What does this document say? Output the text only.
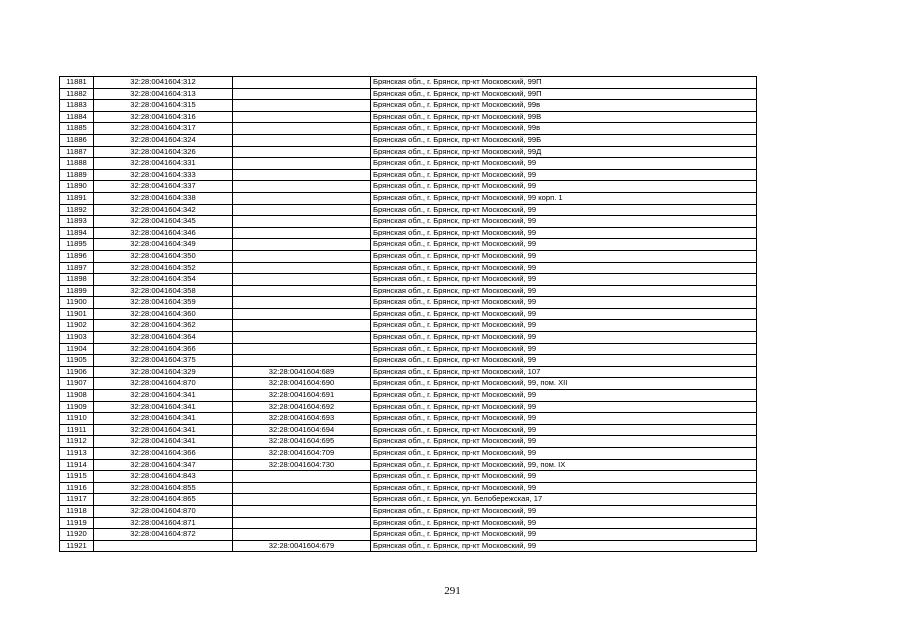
11881	32:28:0041604:312		Брянская обл., г. Брянск, пр-кт Московский, 99П
11882	32:28:0041604:313		Брянская обл., г. Брянск, пр-кт Московский, 99П
11883	32:28:0041604:315		Брянская обл., г. Брянск, пр-кт Московский, 99в
11884	32:28:0041604:316		Брянская обл., г. Брянск, пр-кт Московский, 99В
11885	32:28:0041604:317		Брянская обл., г. Брянск, пр-кт Московский, 99в
11886	32:28:0041604:324		Брянская обл., г. Брянск, пр-кт Московский, 99Б
11887	32:28:0041604:326		Брянская обл., г. Брянск, пр-кт Московский, 99Д
11888	32:28:0041604:331		Брянская обл., г. Брянск, пр-кт Московский, 99
11889	32:28:0041604:333		Брянская обл., г. Брянск, пр-кт Московский, 99
11890	32:28:0041604:337		Брянская обл., г. Брянск, пр-кт Московский, 99
11891	32:28:0041604:338		Брянская обл., г. Брянск, пр-кт Московский, 99 корп. 1
11892	32:28:0041604:342		Брянская обл., г. Брянск, пр-кт Московский, 99
11893	32:28:0041604:345		Брянская обл., г. Брянск, пр-кт Московский, 99
11894	32:28:0041604:346		Брянская обл., г. Брянск, пр-кт Московский, 99
11895	32:28:0041604:349		Брянская обл., г. Брянск, пр-кт Московский, 99
11896	32:28:0041604:350		Брянская обл., г. Брянск, пр-кт Московский, 99
11897	32:28:0041604:352		Брянская обл., г. Брянск, пр-кт Московский, 99
11898	32:28:0041604:354		Брянская обл., г. Брянск, пр-кт Московский, 99
11899	32:28:0041604:358		Брянская обл., г. Брянск, пр-кт Московский, 99
11900	32:28:0041604:359		Брянская обл., г. Брянск, пр-кт Московский, 99
11901	32:28:0041604:360		Брянская обл., г. Брянск, пр-кт Московский, 99
11902	32:28:0041604:362		Брянская обл., г. Брянск, пр-кт Московский, 99
11903	32:28:0041604:364		Брянская обл., г. Брянск, пр-кт Московский, 99
11904	32:28:0041604:366		Брянская обл., г. Брянск, пр-кт Московский, 99
11905	32:28:0041604:375		Брянская обл., г. Брянск, пр-кт Московский, 99
11906	32:28:0041604:329	32:28:0041604:689	Брянская обл., г. Брянск, пр-кт Московский, 107
11907	32:28:0041604:870	32:28:0041604:690	Брянская обл., г. Брянск, пр-кт Московский, 99, пом. XII
11908	32:28:0041604:341	32:28:0041604:691	Брянская обл., г. Брянск, пр-кт Московский, 99
11909	32:28:0041604:341	32:28:0041604:692	Брянская обл., г. Брянск, пр-кт Московский, 99
11910	32:28:0041604:341	32:28:0041604:693	Брянская обл., г. Брянск, пр-кт Московский, 99
11911	32:28:0041604:341	32:28:0041604:694	Брянская обл., г. Брянск, пр-кт Московский, 99
11912	32:28:0041604:341	32:28:0041604:695	Брянская обл., г. Брянск, пр-кт Московский, 99
11913	32:28:0041604:366	32:28:0041604:709	Брянская обл., г. Брянск, пр-кт Московский, 99
11914	32:28:0041604:347	32:28:0041604:730	Брянская обл., г. Брянск, пр-кт Московский, 99, пом. IX
11915	32:28:0041604:843		Брянская обл., г. Брянск, пр-кт Московский, 99
11916	32:28:0041604:855		Брянская обл., г. Брянск, пр-кт Московский, 99
11917	32:28:0041604:865		Брянская обл., г. Брянск, ул. Белобережская, 17
11918	32:28:0041604:870		Брянская обл., г. Брянск, пр-кт Московский, 99
11919	32:28:0041604:871		Брянская обл., г. Брянск, пр-кт Московский, 99
11920	32:28:0041604:872		Брянская обл., г. Брянск, пр-кт Московский, 99
11921		32:28:0041604:679	Брянская обл., г. Брянск, пр-кт Московский, 99
291
